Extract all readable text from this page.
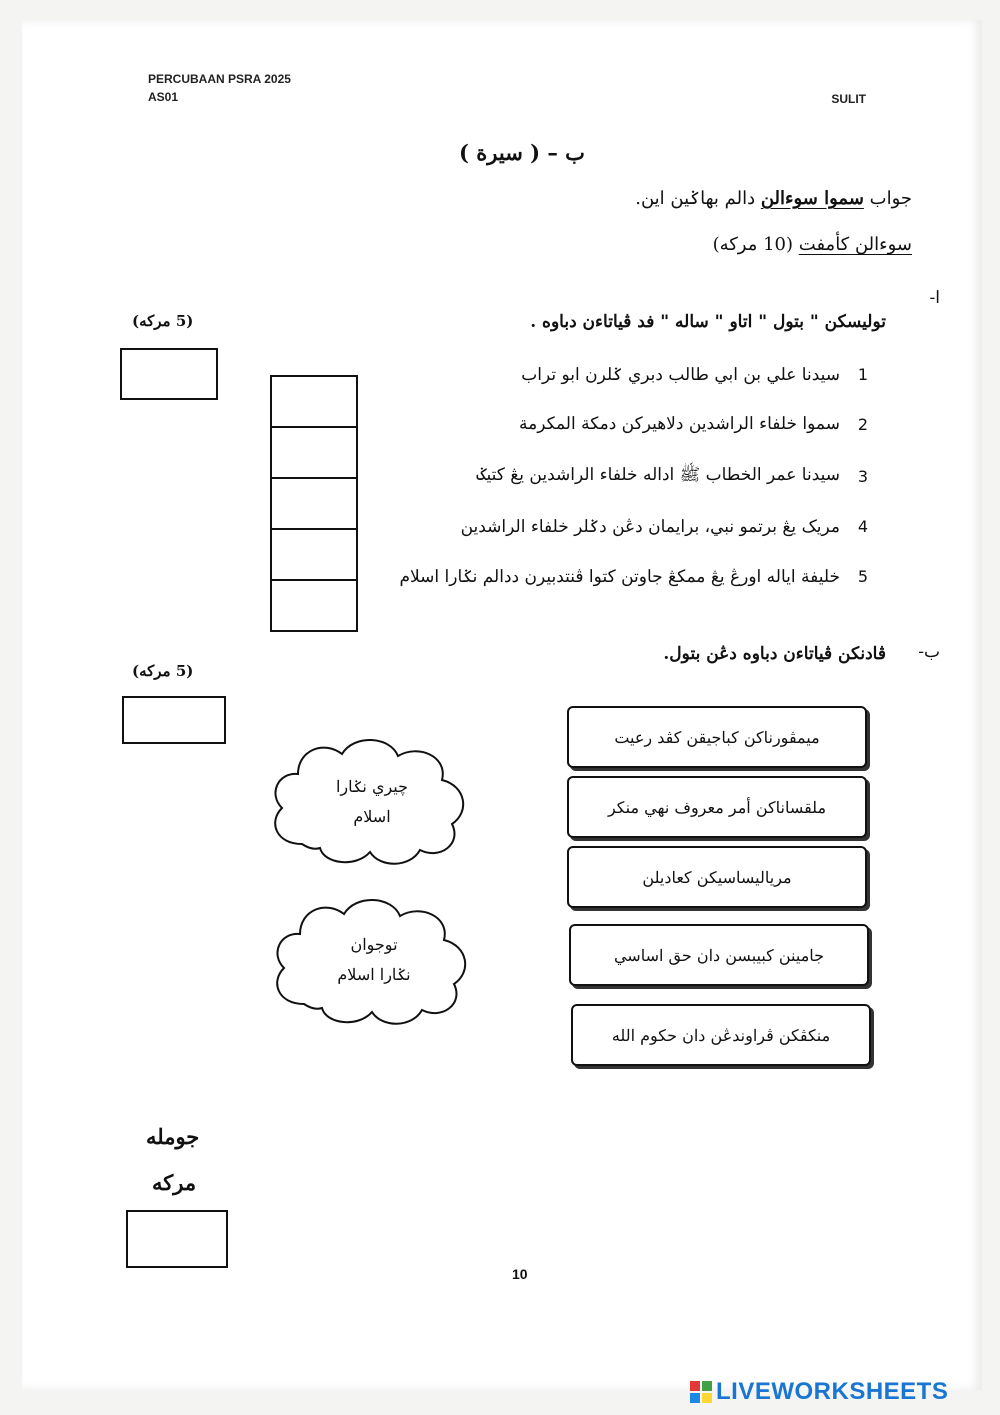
PERCUBAAN PSRA 2025
AS01	SULIT
ب – ( سيرة )
جواب سموا سوءالن دالم بهاݢين اين.
سوءالن كأمفت (10 مركه)
ا-
توليسكن " بتول " اتاو " ساله " فد ڤياتاءن دباوه .
(5 مركه)
1
سيدنا علي بن ابي طالب دبري ݢلرن ابو تراب
2
سموا خلفاء الراشدين دلاهيركن دمكة المكرمة
3
سيدنا عمر الخطاب ﷺ اداله خلفاء الراشدين يڠ كتيݢ
4
مريک يڠ برتمو نبي، برايمان دڠن دݢلر خلفاء الراشدين
5
خليفة اياله اورڠ يڠ ممكڠ جاوتن كتوا ڤنتدبيرن ددالم نݢارا اسلام
ب-
ڤادنكن ڤياتاءن دباوه دڠن بتول.
(5 مركه)
چيري نݢارا
اسلام
توجوان
نݢارا اسلام
ميمڤورناكن كباجيقن كڤد رعيت
ملقساناكن أمر معروف نهي منكر
مرياليساسيكن كعاديلن
جامينن كبيبسن دان حق اساسي
منكڤكن ڤراوندڠن دان حكوم الله
جوملە
مركە
10
LIVEWORKSHEETS
